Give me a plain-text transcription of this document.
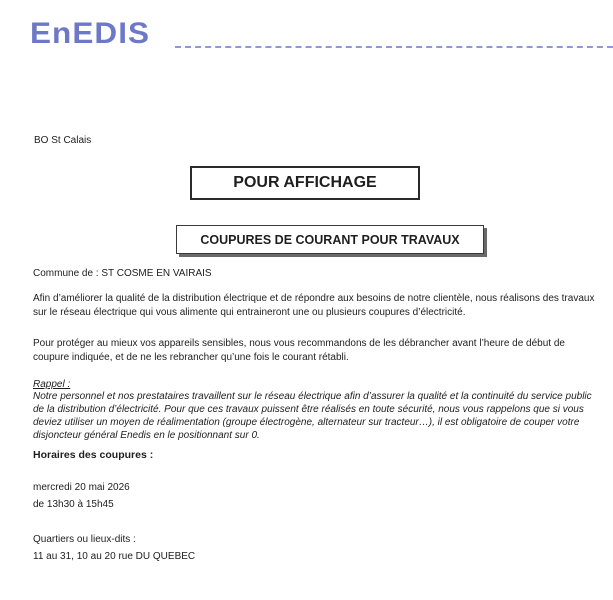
EnEDIS
BO St Calais
POUR AFFICHAGE
COUPURES DE COURANT POUR TRAVAUX
Commune de : ST COSME EN VAIRAIS
Afin d’améliorer la qualité de la distribution électrique et de répondre aux besoins de notre clientèle, nous réalisons des travaux sur le réseau électrique qui vous alimente qui entraineront une ou plusieurs coupures d’électricité.
Pour protéger au mieux vos appareils sensibles, nous vous recommandons de les débrancher avant l’heure de début de coupure indiquée, et de ne les rebrancher qu’une fois le courant rétabli.
Rappel :
Notre personnel et nos prestataires travaillent sur le réseau électrique afin d’assurer la qualité et la continuité du service public de la distribution d’électricité. Pour que ces travaux puissent être réalisés en toute sécurité, nous vous rappelons que si vous deviez utiliser un moyen de réalimentation (groupe électrogène, alternateur sur tracteur…), il est obligatoire de couper votre disjoncteur général Enedis en le positionnant sur 0.
Horaires des coupures :
mercredi 20 mai 2026
de 13h30 à 15h45
Quartiers ou lieux-dits :
11 au 31, 10 au 20 rue DU QUEBEC
